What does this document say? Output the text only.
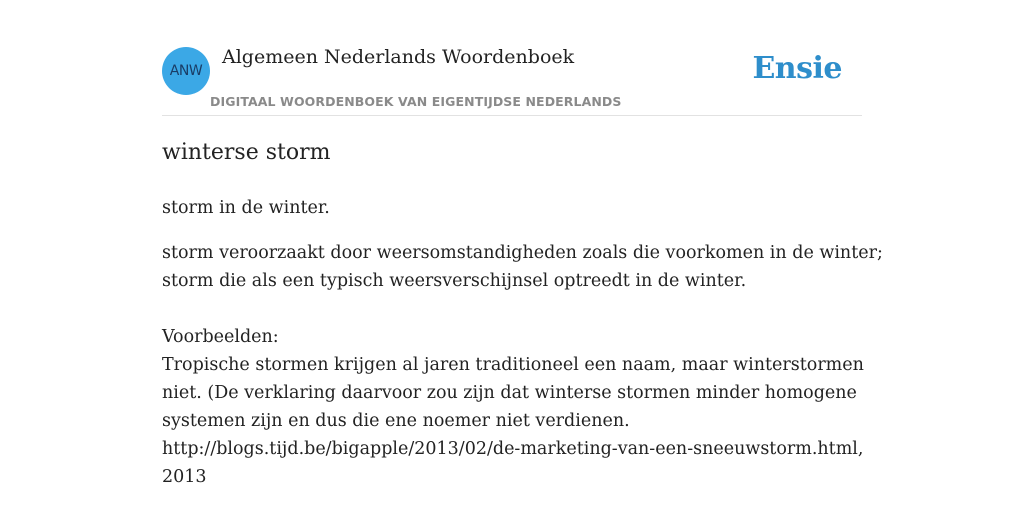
ANW
Algemeen Nederlands Woordenboek
DIGITAAL WOORDENBOEK VAN EIGENTIJDSE NEDERLANDS
Ensie
winterse storm
storm in de winter.
storm veroorzaakt door weersomstandigheden zoals die voorkomen in de winter;
storm die als een typisch weersverschijnsel optreedt in de winter.
Voorbeelden:
Tropische stormen krijgen al jaren traditioneel een naam, maar winterstormen
niet. (De verklaring daarvoor zou zijn dat winterse stormen minder homogene
systemen zijn en dus die ene noemer niet verdienen.
http://blogs.tijd.be/bigapple/2013/02/de-marketing-van-een-sneeuwstorm.html,
2013
